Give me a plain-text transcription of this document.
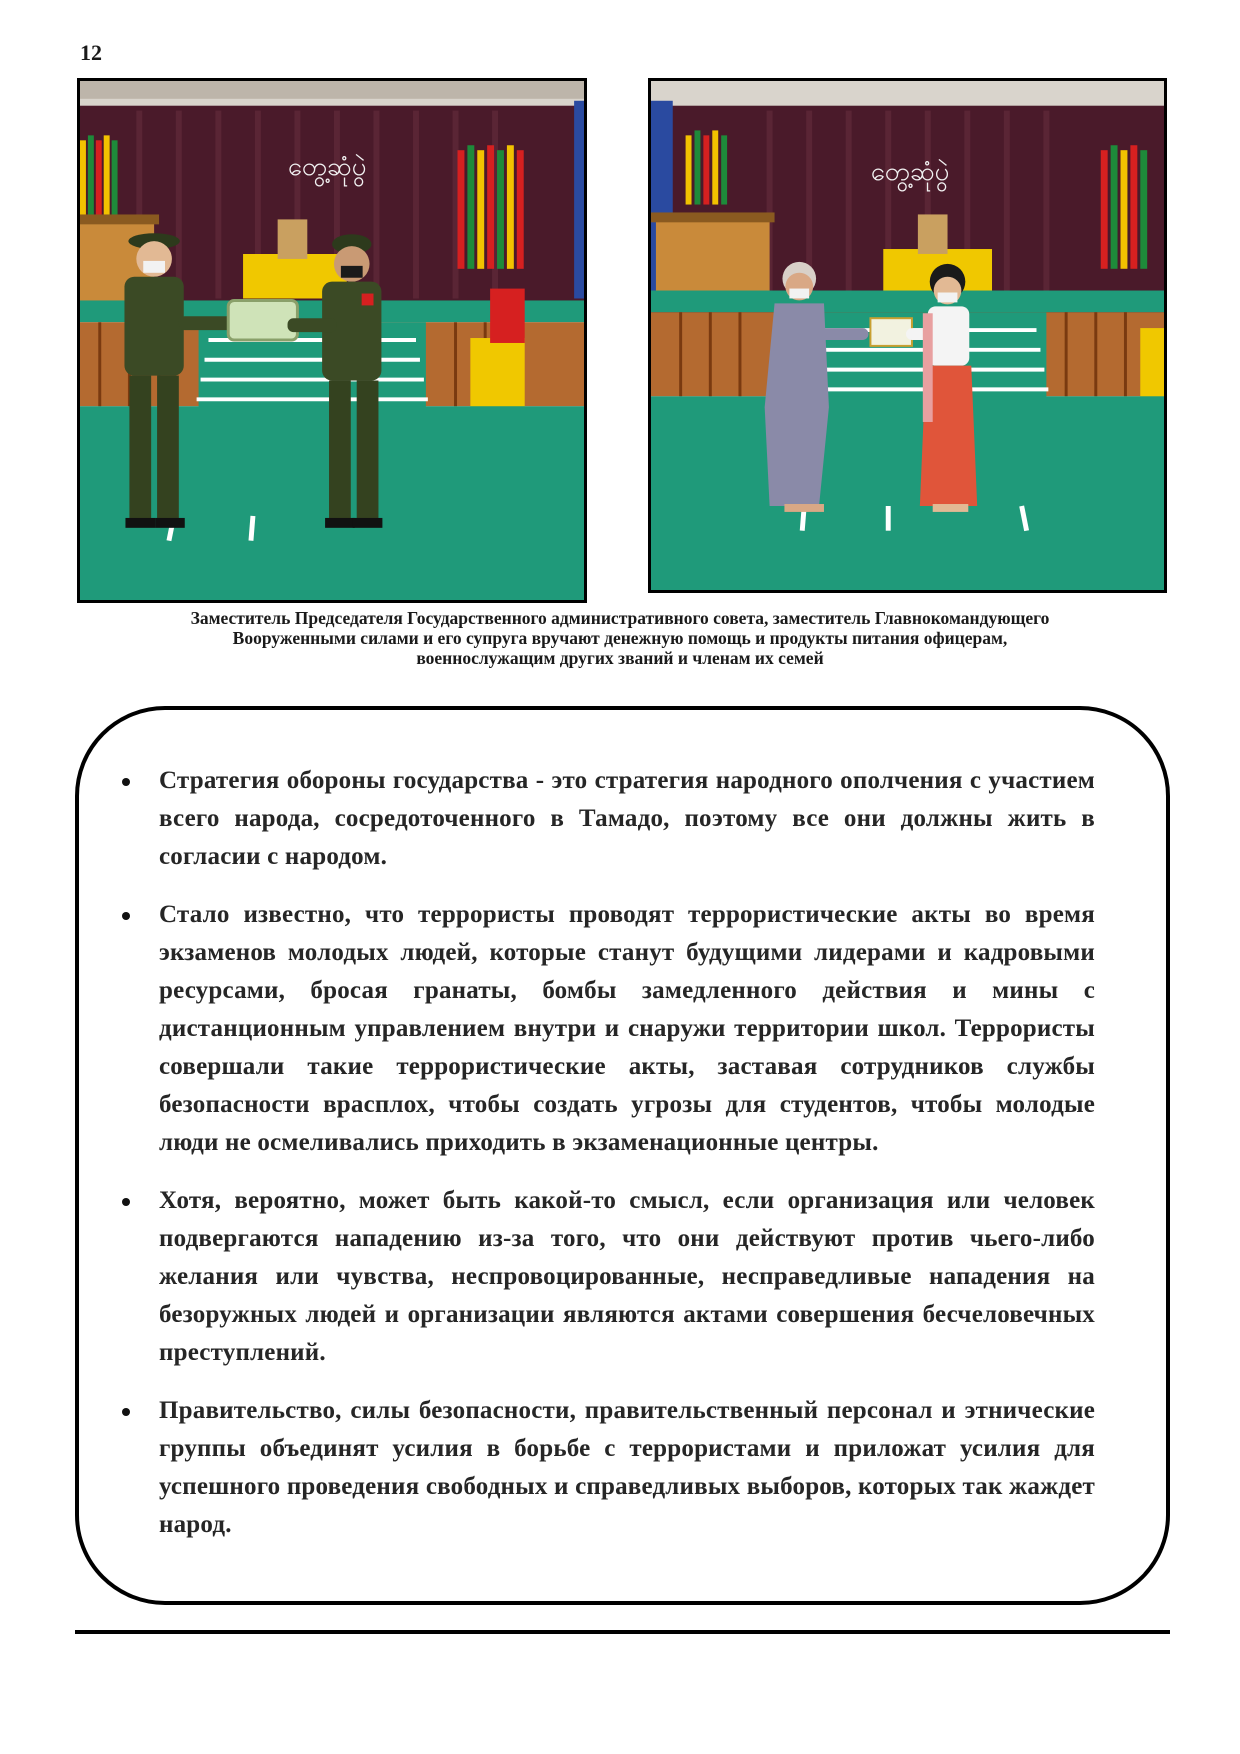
12
တွေ့ဆုံပွဲ	တွေ့ဆုံပွဲ
Заместитель Председателя Государственного административного совета, заместитель Главнокомандующего
Вооруженными силами и его супруга вручают денежную помощь и продукты питания офицерам,
военнослужащим других званий и членам их семей
Стратегия обороны государства - это стратегия народного ополчения с участием всего народа, сосредоточенного в Тамадо, поэтому все они должны жить в согласии с народом.
Стало известно, что террористы проводят террористические акты во время экзаменов молодых людей, которые станут будущими лидерами и кадровыми ресурсами, бросая гранаты, бомбы замедленного действия и мины с дистанционным управлением внутри и снаружи территории школ. Террористы совершали такие террористические акты, заставая сотрудников службы безопасности врасплох, чтобы создать угрозы для студентов, чтобы молодые люди не осмеливались приходить в экзаменационные центры.
Хотя, вероятно, может быть какой-то смысл, если организация или человек подвергаются нападению из-за того, что они действуют против чьего-либо желания или чувства, неспровоцированные, несправедливые нападения на безоружных людей и организации являются актами совершения бесчеловечных преступлений.
Правительство, силы безопасности, правительственный персонал и этнические группы объединят усилия в борьбе с террористами и приложат усилия для успешного проведения свободных и справедливых выборов, которых так жаждет народ.
